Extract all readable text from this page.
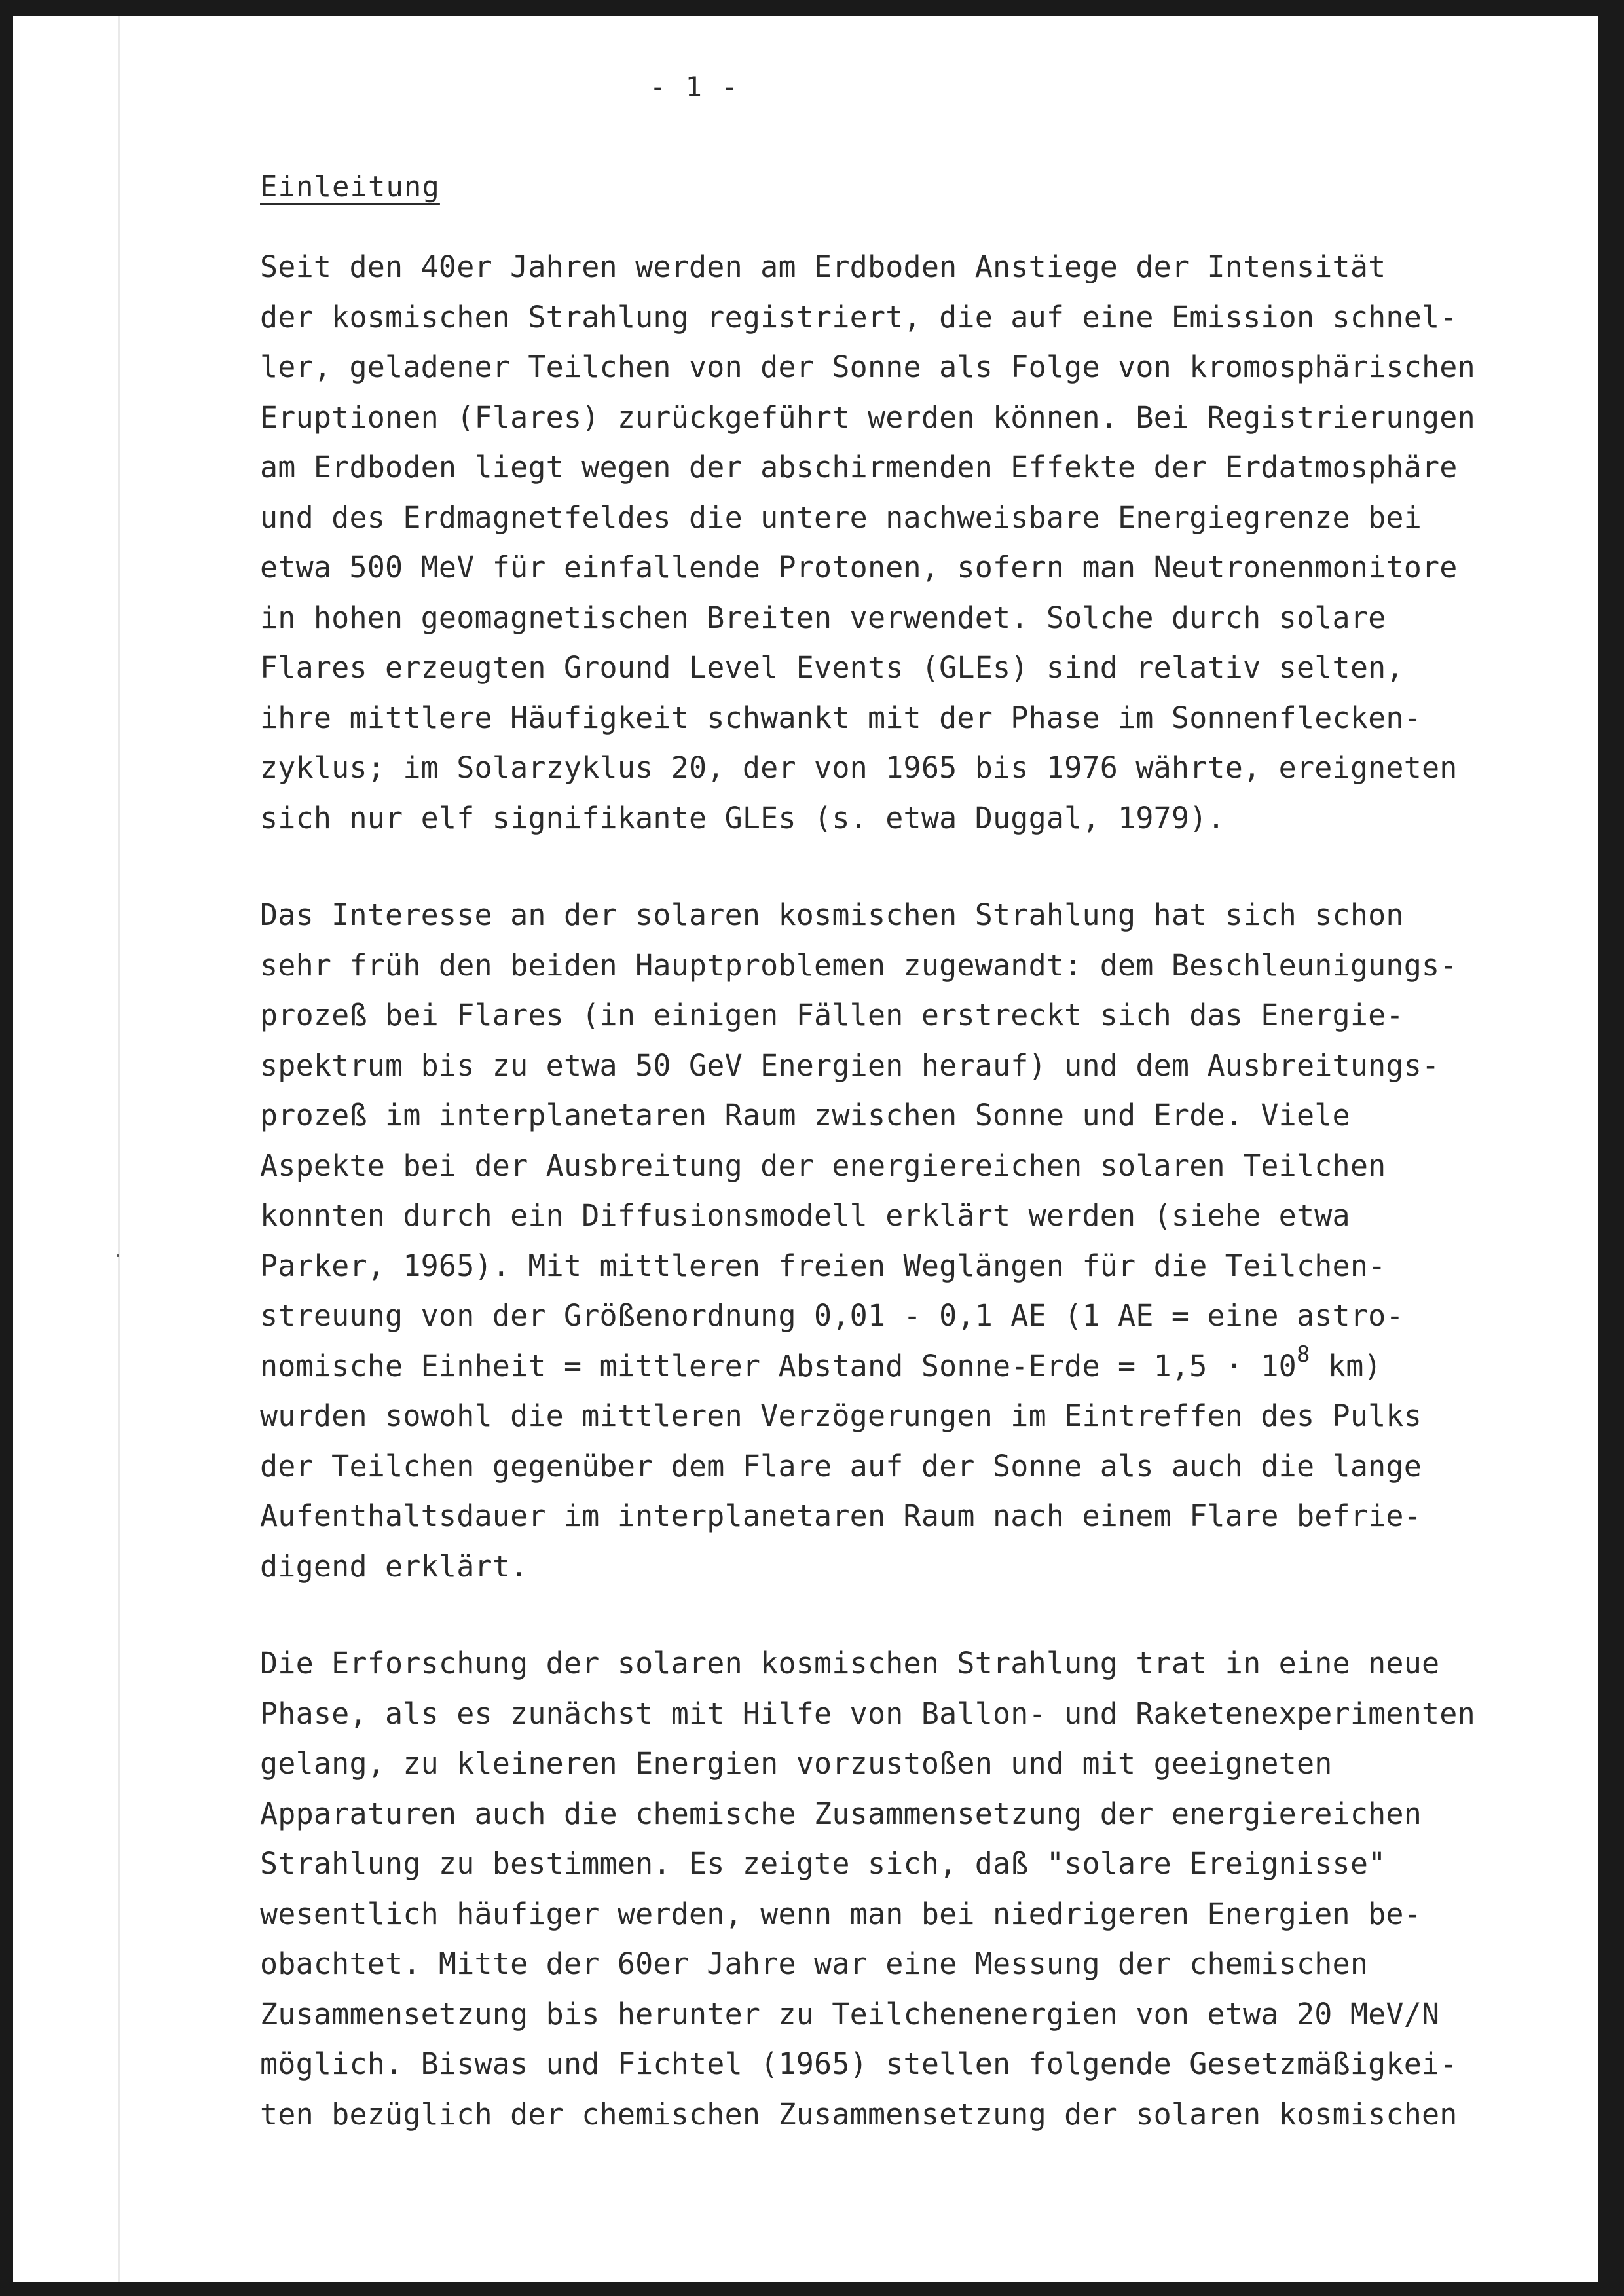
- 1 -
Einleitung
Seit den 40er Jahren werden am Erdboden Anstiege der Intensität
der kosmischen Strahlung registriert, die auf eine Emission schnel-
ler, geladener Teilchen von der Sonne als Folge von kromosphärischen
Eruptionen (Flares) zurückgeführt werden können. Bei Registrierungen
am Erdboden liegt wegen der abschirmenden Effekte der Erdatmosphäre
und des Erdmagnetfeldes die untere nachweisbare Energiegrenze bei
etwa 500 MeV für einfallende Protonen, sofern man Neutronenmonitore
in hohen geomagnetischen Breiten verwendet. Solche durch solare
Flares erzeugten Ground Level Events (GLEs) sind relativ selten,
ihre mittlere Häufigkeit schwankt mit der Phase im Sonnenflecken-
zyklus; im Solarzyklus 20, der von 1965 bis 1976 währte, ereigneten
sich nur elf signifikante GLEs (s. etwa Duggal, 1979).
Das Interesse an der solaren kosmischen Strahlung hat sich schon
sehr früh den beiden Hauptproblemen zugewandt: dem Beschleunigungs-
prozeß bei Flares (in einigen Fällen erstreckt sich das Energie-
spektrum bis zu etwa 50 GeV Energien herauf) und dem Ausbreitungs-
prozeß im interplanetaren Raum zwischen Sonne und Erde. Viele
Aspekte bei der Ausbreitung der energiereichen solaren Teilchen
konnten durch ein Diffusionsmodell erklärt werden (siehe etwa
Parker, 1965). Mit mittleren freien Weglängen für die Teilchen-
streuung von der Größenordnung 0,01 - 0,1 AE (1 AE = eine astro-
nomische Einheit = mittlerer Abstand Sonne-Erde = $1,5 \cdot 10^8$ km)
wurden sowohl die mittleren Verzögerungen im Eintreffen des Pulks
der Teilchen gegenüber dem Flare auf der Sonne als auch die lange
Aufenthaltsdauer im interplanetaren Raum nach einem Flare befrie-
digend erklärt.
Die Erforschung der solaren kosmischen Strahlung trat in eine neue
Phase, als es zunächst mit Hilfe von Ballon- und Raketenexperimenten
gelang, zu kleineren Energien vorzustoßen und mit geeigneten
Apparaturen auch die chemische Zusammensetzung der energiereichen
Strahlung zu bestimmen. Es zeigte sich, daß "solare Ereignisse"
wesentlich häufiger werden, wenn man bei niedrigeren Energien be-
obachtet. Mitte der 60er Jahre war eine Messung der chemischen
Zusammensetzung bis herunter zu Teilchenenergien von etwa 20 MeV/N
möglich. Biswas und Fichtel (1965) stellen folgende Gesetzmäßigkei-
ten bezüglich der chemischen Zusammensetzung der solaren kosmischen
